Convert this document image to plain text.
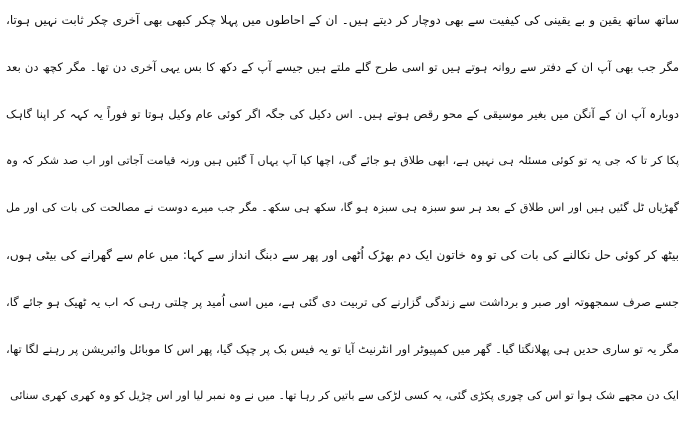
ساتھ ساتھ یقین و بے یقینی کی کیفیت سے بھی دوچار کر دیتے ہیں۔ ان کے احاطوں میں پہلا چکر کبھی بھی آخری چکر ثابت نہیں ہوتا،
مگر جب بھی آپ ان کے دفتر سے روانہ ہوتے ہیں تو اسی طرح گلے ملتے ہیں جیسے آپ کے دکھ کا بس یہی آخری دن تھا۔ مگر کچھ دن بعد
دوبارہ آپ ان کے آنگن میں بغیر موسیقی کے محو رقص ہوتے ہیں۔ اس دکیل کی جگہ اگر کوئی عام وکیل ہوتا تو فوراً یہ کہہ کر اپنا گاہک
پکا کر تا کہ جی یہ تو کوئی مسئلہ ہی نہیں ہے، ابھی طلاق ہو جائے گی، اچھا کیا آپ یہاں آ گئیں ہیں ورنہ قیامت آجاتی اور اب صد شکر کہ وہ
گھڑیاں ٹل گئیں ہیں اور اس طلاق کے بعد ہر سو سبزہ ہی سبزہ ہو گا، سکھ ہی سکھ۔ مگر جب میرے دوست نے مصالحت کی بات کی اور مل
بیٹھ کر کوئی حل نکالنے کی بات کی تو وہ خاتون ایک دم بھڑک اُٹھی اور پھر سے دبنگ انداز سے کہا: میں عام سے گھرانے کی بیٹی ہوں،
جسے صرف سمجھوتہ اور صبر و برداشت سے زندگی گزارنے کی تربیت دی گئی ہے، میں اسی اُمید پر چلتی رہی کہ اب یہ ٹھیک ہو جائے گا،
مگر یہ تو ساری حدیں ہی پھلانگتا گیا۔ گھر میں کمپیوٹر اور انٹرنیٹ آیا تو یہ فیس بک پر چپک گیا، پھر اس کا موبائل وائبریشن پر رہنے لگا تھا،
ایک دن مجھے شک ہوا تو اس کی چوری پکڑی گئی، یہ کسی لڑکی سے باتیں کر رہا تھا۔ میں نے وہ نمبر لیا اور اس چڑیل کو وہ کھری کھری سنائی
